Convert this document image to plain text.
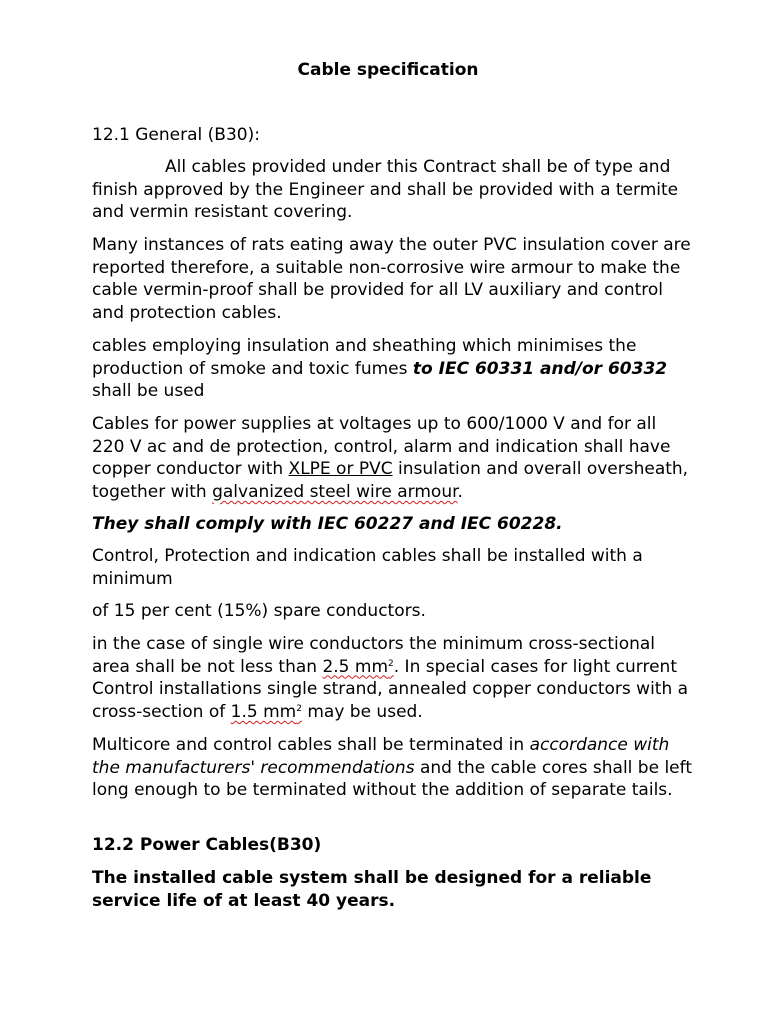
Cable specification

12.1 General (B30):

All cables provided under this Contract shall be of type and finish approved by the Engineer and shall be provided with a termite and vermin resistant covering.

Many instances of rats eating away the outer PVC insulation cover are reported therefore, a suitable non-corrosive wire armour to make the cable vermin-proof shall be provided for all LV auxiliary and control and protection cables.

cables employing insulation and sheathing which minimises the production of smoke and toxic fumes to IEC 60331 and/or 60332 shall be used

Cables for power supplies at voltages up to 600/1000 V and for all 220 V ac and de protection, control, alarm and indication shall have copper conductor with XLPE or PVC insulation and overall oversheath, together with galvanized steel wire armour.

They shall comply with IEC 60227 and IEC 60228.

Control, Protection and indication cables shall be installed with a minimum

of 15 per cent (15%) spare conductors.

in the case of single wire conductors the minimum cross-sectional area shall be not less than 2.5 $mm^2$. In special cases for light current Control installations single strand, annealed copper conductors with a cross-section of 1.5 $mm^2$ may be used.

Multicore and control cables shall be terminated in accordance with the manufacturers' recommendations and the cable cores shall be left long enough to be terminated without the addition of separate tails.

12.2 Power Cables(B30)

The installed cable system shall be designed for a reliable service life of at least 40 years.
